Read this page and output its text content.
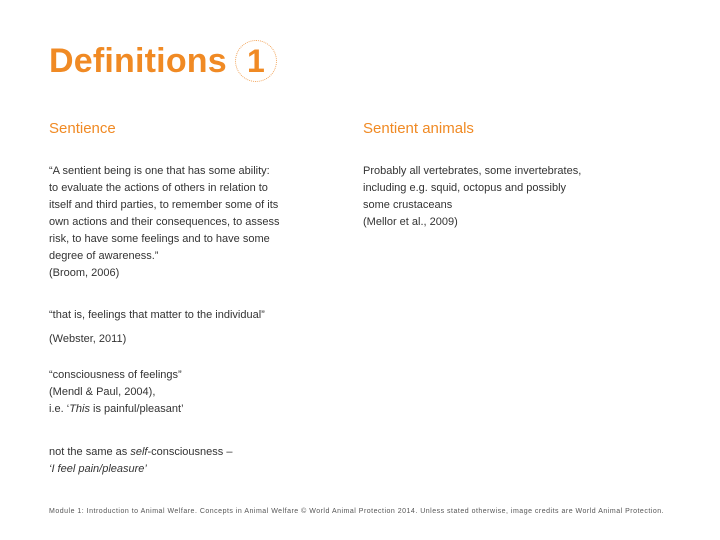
Definitions 1
Sentience	Sentient animals

“A sentient being is one that has some ability:

to evaluate the actions of others in relation to

itself and third parties, to remember some of its

own actions and their consequences, to assess

risk, to have some feelings and to have some

degree of awareness.”

(Broom, 2006)

Probably all vertebrates, some invertebrates,

including e.g. squid, octopus and possibly

some crustaceans

(Mellor et al., 2009)

“that is, feelings that matter to the individual”

(Webster, 2011)

“consciousness of feelings”

(Mendl & Paul, 2004),

i.e. ‘This is painful/pleasant’

not the same as self-consciousness –

‘I feel pain/pleasure’

Module 1: Introduction to Animal Welfare. Concepts in Animal Welfare © World Animal Protection 2014. Unless stated otherwise, image credits are World Animal Protection.
